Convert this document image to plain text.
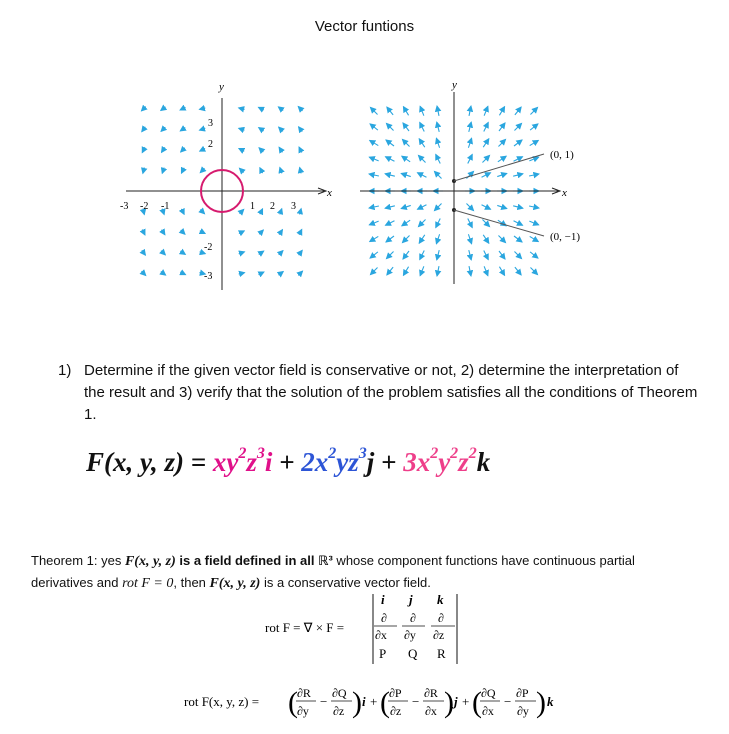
Vector funtions
y
x
-3 -2 -1	1 2 3
3
2
-2
-3
(0, 1)
(0, −1)
y
x
1) Determine if the given vector field is conservative or not, 2) determine the interpretation of the result and 3) verify that the solution of the problem satisfies all the conditions of Theorem 1.
F(x, y, $z) = xy^2z^3i + 2x^2yz^3j + 3x^2y^2z^2k$
Theorem 1: yes F(x, y, z) is a field defined in all ℝ³ whose component functions have continuous partial
derivatives and rot F = 0, then F(x, y, z) is a conservative vector field.
rot F = ∇ × F =
i j k
∂
∂x
∂
∂y
∂
∂z
P Q R
rot F(x, y, z) = ( ∂R
∂y
−
∂Q
∂z ) i + ( ∂P
∂z
−
∂R
∂x ) j + ( ∂Q
∂x
−
∂P
∂y ) k
